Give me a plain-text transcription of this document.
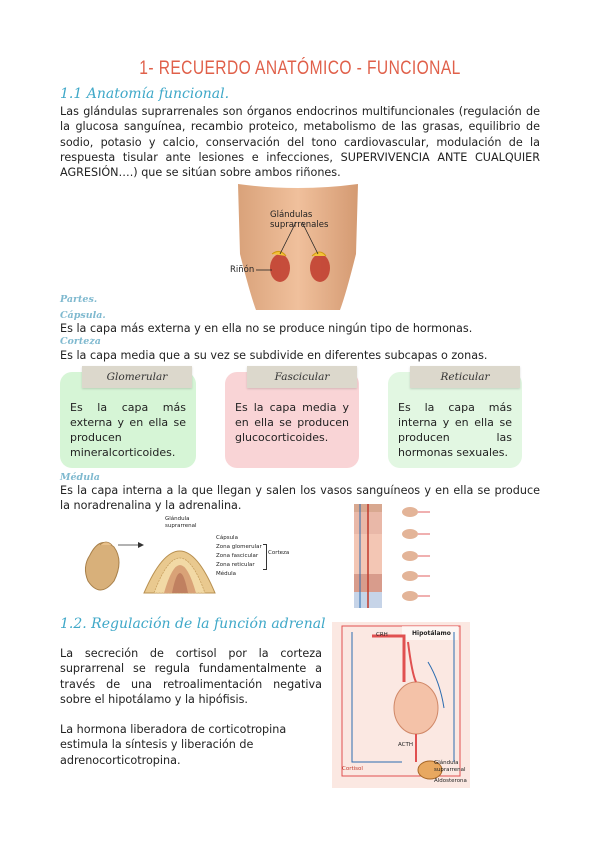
1- RECUERDO ANATÓMICO - FUNCIONAL
1.1 Anatomía funcional.
Las glándulas suprarrenales son órganos endocrinos multifuncionales (regulación de la glucosa sanguínea, recambio proteico, metabolismo de las grasas, equilibrio de sodio, potasio y calcio, conservación del tono cardiovascular, modulación de la respuesta tisular ante lesiones e infecciones, SUPERVIVENCIA ANTE CUALQUIER AGRESIÓN….) que se sitúan sobre ambos riñones.
Glándulas suprarrenales
Riñón
Partes.
Cápsula.
Es la capa más externa y en ella no se produce ningún tipo de hormonas.
Corteza
Es la capa media que a su vez se subdivide en diferentes subcapas o zonas.
Glomerular
Es la capa más externa y en ella se producen mineralcorticoides.
Fascicular
Es la capa media y en ella se producen glucocorticoides.
Reticular
Es la capa más interna y en ella se producen las hormonas sexuales.
Médula
Es la capa interna a la que llegan y salen los vasos sanguíneos y en ella se produce la noradrenalina y la adrenalina.
Glándula suprarrenal
Cápsula
Zona glomerular
Zona fascicular
Zona reticular
Médula
Corteza
1.2. Regulación de la función adrenal
La secreción de cortisol por la corteza suprarrenal se regula fundamentalmente a través de una retroalimentación negativa sobre el hipotálamo y la hipófisis.
La hormona liberadora de corticotropina estimula la síntesis y liberación de adrenocorticotropina.
Hipotálamo
CRH
ACTH
Glándula suprarrenal
Cortisol
Aldosterona
